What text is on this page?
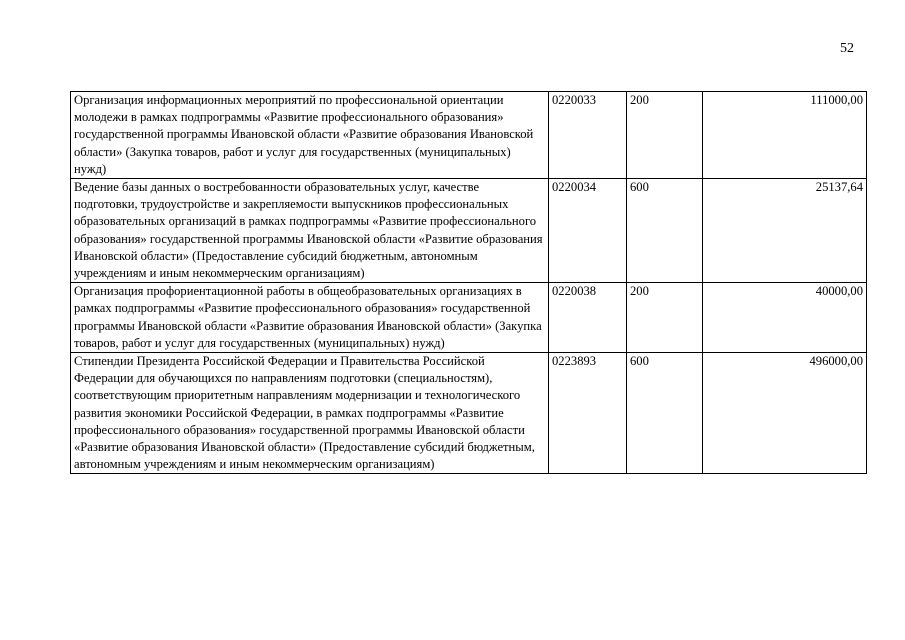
52
Организация информационных мероприятий по профессиональной ориентации молодежи в рамках подпрограммы «Развитие профессионального образования» государственной программы Ивановской области «Развитие образования Ивановской области» (Закупка товаров, работ и услуг для государственных (муниципальных) нужд)	0220033	200	111000,00
Ведение базы данных о востребованности образовательных услуг, качестве подготовки, трудоустройстве и закрепляемости выпускников профессиональных образовательных организаций в рамках подпрограммы «Развитие профессионального образования» государственной программы Ивановской области «Развитие образования Ивановской области» (Предоставление субсидий бюджетным, автономным учреждениям и иным некоммерческим организациям)	0220034	600	25137,64
Организация профориентационной работы в общеобразовательных организациях в рамках подпрограммы «Развитие профессионального образования» государственной программы Ивановской области «Развитие образования Ивановской области» (Закупка товаров, работ и услуг для государственных (муниципальных) нужд)	0220038	200	40000,00
Стипендии Президента Российской Федерации и Правительства Российской Федерации для обучающихся по направлениям подготовки (специальностям), соответствующим приоритетным направлениям модернизации и технологического развития экономики Российской Федерации, в рамках подпрограммы «Развитие профессионального образования» государственной программы Ивановской области «Развитие образования Ивановской области» (Предоставление субсидий бюджетным, автономным учреждениям и иным некоммерческим организациям)	0223893	600	496000,00
